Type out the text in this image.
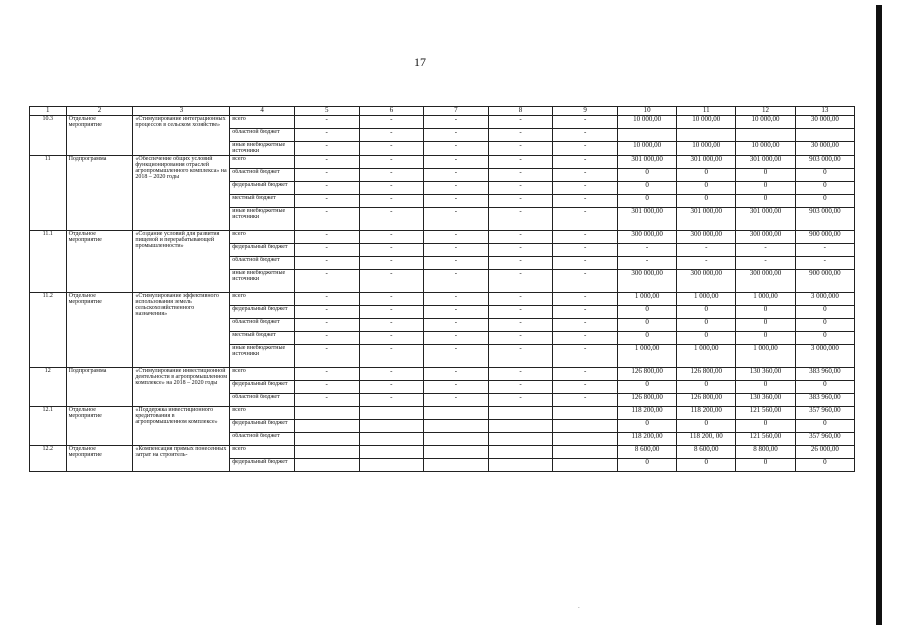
17
.
1	2	3	4	5	6	7	8	9	10	11	12	13
10.3	Отдельное мероприятие	«Стимулирование интеграционных процессов в сельском хозяйстве»	всего	-	-	-	-	-	10 000,00	10 000,00	10 000,00	30 000,00
			областной бюджет	-	-	-	-	-				
			иные внебюджетные источники	-	-	-	-	-	10 000,00	10 000,00	10 000,00	30 000,00
11	Подпрограмма	«Обеспечение общих условий функционирования отраслей агропромышленного комплекса» на 2018 – 2020 годы	всего	-	-	-	-	-	301 000,00	301 000,00	301 000,00	903 000,00
			областной бюджет	-	-	-	-	-	0	0	0	0
			федеральный бюджет	-	-	-	-	-	0	0	0	0
			местный бюджет	-	-	-	-	-	0	0	0	0
			иные внебюджетные источники	-	-	-	-	-	301 000,00	301 000,00	301 000,00	903 000,00
11.1	Отдельное мероприятие	«Создание условий для развития пищевой и перерабатывающей промышленности»	всего	-	-	-	-	-	300 000,00	300 000,00	300 000,00	900 000,00
			федеральный бюджет	-	-	-	-	-	-	-	-	-
			областной бюджет	-	-	-	-	-	-	-	-	-
			иные внебюджетные источники	-	-	-	-	-	300 000,00	300 000,00	300 000,00	900 000,00
11.2	Отдельное мероприятие	«Стимулирование эффективного использования земель сельскохозяйственного назначения»	всего	-	-	-	-	-	1 000,00	1 000,00	1 000,00	3 000,000
			федеральный бюджет	-	-	-	-	-	0	0	0	0
			областной бюджет	-	-	-	-	-	0	0	0	0
			местный бюджет	-	-	-	-	-	0	0	0	0
			иные внебюджетные источники	-	-	-	-	-	1 000,00	1 000,00	1 000,00	3 000,000
12	Подпрограмма	«Стимулирование инвестиционной деятельности в агропромышленном комплексе» на 2018 – 2020 годы	всего	-	-	-	-	-	126 800,00	126 800,00	130 360,00	383 960,00
			федеральный бюджет	-	-	-	-	-	0	0	0	0
			областной бюджет	-	-	-	-	-	126 800,00	126 800,00	130 360,00	383 960,00
12.1	Отдельное мероприятие	«Поддержка инвестиционного кредитования в агропромышленном комплексе»	всего						118 200,00	118 200,00	121 560,00	357 960,00
			федеральный бюджет						0	0	0	0
			областной бюджет						118 200,00	118 200, 00	121 560,00	357 960,00
12.2	Отдельное мероприятие	«Компенсация прямых понесенных затрат на строитель-	всего						8 600,00	8 600,00	8 800,00	26 000,00
			федеральный бюджет						0	0	0	0
